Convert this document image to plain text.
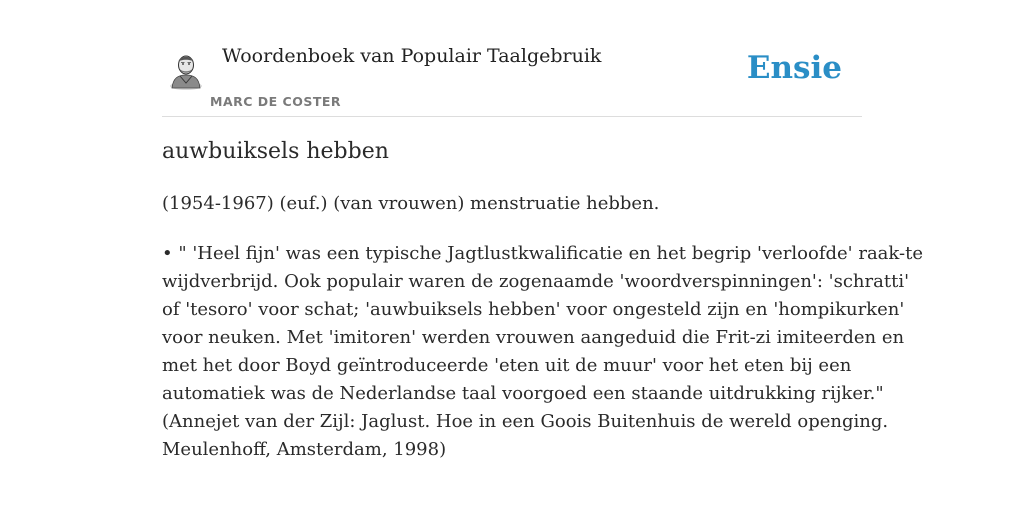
Woordenboek van Populair Taalgebruik
MARC DE COSTER
Ensie
auwbuiksels hebben

(1954-1967) (euf.) (van vrouwen) menstruatie hebben.

• " 'Heel fijn' was een typische Jagtlustkwalificatie en het begrip 'verloofde' raak-te
wijdverbrijd. Ook populair waren de zogenaamde 'woordverspinningen': 'schratti'
of 'tesoro' voor schat; 'auwbuiksels hebben' voor ongesteld zijn en 'hompikurken'
voor neuken. Met 'imitoren' werden vrouwen aangeduid die Frit-zi imiteerden en
met het door Boyd geïntroduceerde 'eten uit de muur' voor het eten bij een
automatiek was de Nederlandse taal voorgoed een staande uitdrukking rijker."
(Annejet van der Zijl: Jaglust. Hoe in een Goois Buitenhuis de wereld openging.
Meulenhoff, Amsterdam, 1998)
